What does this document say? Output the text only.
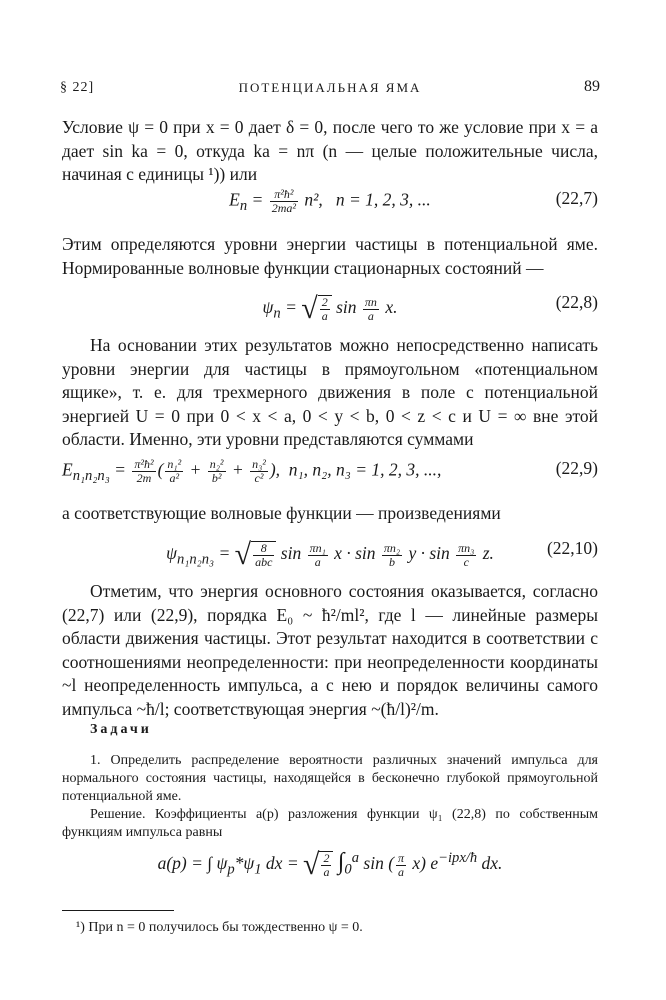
§ 22]	ПОТЕНЦИАЛЬНАЯ ЯМА	89
Условие ψ = 0 при x = 0 дает δ = 0, после чего то же условие при x = a дает sin ka = 0, откуда ka = nπ (n — целые положительные числа, начиная с единицы ¹)) или
$E_n = \frac{\text{π²ħ²}}{\text{2ma²}} n^2$,   n = 1, 2, 3, ...	(22,7)
Этим определяются уровни энергии частицы в потенциальной яме. Нормированные волновые функции стационарных состояний —
$\psi_n$ = √ $\frac{2}{a}$ $\sin \frac{\pi n}{a} x$.	(22,8)
На основании этих результатов можно непосредственно написать уровни энергии для частицы в прямоугольном «потенциальном ящике», т. е. для трехмерного движения в поле с потенциальной энергией U = 0 при 0 < x < a, 0 < y < b, 0 < z < c и U = ∞ вне этой области. Именно, эти уровни представляются суммами
$E_{n_1n_2n_3} = \frac{\text{π²ħ²}}{2m}$ ( $\frac{\text{n₁²}}{\text{a²}} + \frac{\text{n₂²}}{\text{b²}} + \frac{\text{n₃²}}{\text{c²}}$ ),  n₁, n₂, n₃ = 1, 2, 3, ...,	(22,9)
а соответствующие волновые функции — произведениями
$\psi_{n_1n_2n_3}$ = √ $\frac{8}{\text{abc}}$ $\sin \frac{\text{πn₁}}{a}$ $x \cdot \sin \frac{\text{πn₂}}{b}$ $y \cdot \sin \frac{\text{πn₃}}{c} z$.	(22,10)
Отметим, что энергия основного состояния оказывается, согласно (22,7) или (22,9), порядка E₀ ~ ħ²/ml², где l — линейные размеры области движения частицы. Этот результат находится в соответствии с соотношениями неопределенности: при неопределенности координаты ~l неопределенность импульса, а с нею и порядок величины самого импульса ~ħ/l; соответствующая энергия ~(ħ/l)²/m.
Задачи
1. Определить распределение вероятности различных значений импульса для нормального состояния частицы, находящейся в бесконечно глубокой прямоугольной потенциальной яме.
Решение. Коэффициенты a(p) разложения функции ψ₁ (22,8) по собственным функциям импульса равны
a(p) = ∫ $\psi_p*\psi_1$ dx = √ $\frac{2}{a} \int_0^a$ sin ( $\frac{\pi}{a} x$) $e^{-ipx/ħ}$ dx.
¹) При n = 0 получилось бы тождественно ψ = 0.
